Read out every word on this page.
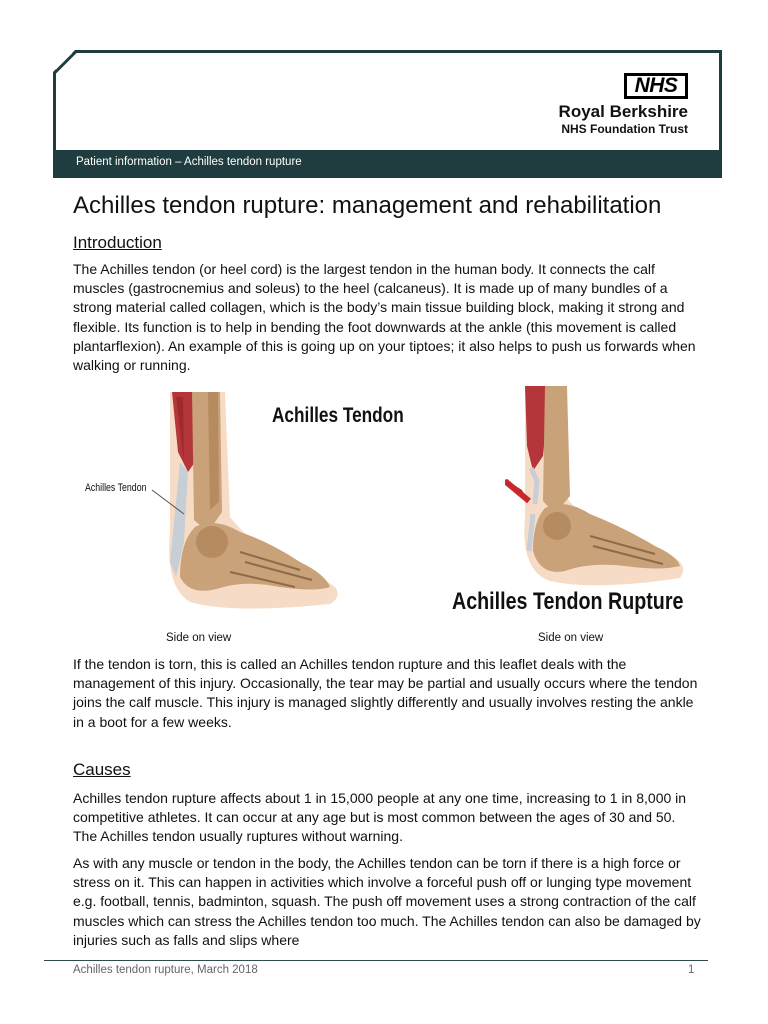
NHS
Royal Berkshire
NHS Foundation Trust
Patient information – Achilles tendon rupture
Achilles tendon rupture: management and rehabilitation
Introduction

The Achilles tendon (or heel cord) is the largest tendon in the human body. It connects the calf muscles (gastrocnemius and soleus) to the heel (calcaneus). It is made up of many bundles of a strong material called collagen, which is the body’s main tissue building block, making it strong and flexible. Its function is to help in bending the foot downwards at the ankle (this movement is called plantarflexion). An example of this is going up on your tiptoes; it also helps to push us forwards when walking or running.

Achilles Tendon
Achilles Tendon
Side on view
Achilles Tendon Rupture
Side on view

If the tendon is torn, this is called an Achilles tendon rupture and this leaflet deals with the management of this injury. Occasionally, the tear may be partial and usually occurs where the tendon joins the calf muscle. This injury is managed slightly differently and usually involves resting the ankle in a boot for a few weeks.

Causes

Achilles tendon rupture affects about 1 in 15,000 people at any one time, increasing to 1 in 8,000 in competitive athletes. It can occur at any age but is most common between the ages of 30 and 50. The Achilles tendon usually ruptures without warning.

As with any muscle or tendon in the body, the Achilles tendon can be torn if there is a high force or stress on it. This can happen in activities which involve a forceful push off or lunging type movement e.g. football, tennis, badminton, squash. The push off movement uses a strong contraction of the calf muscles which can stress the Achilles tendon too much. The Achilles tendon can also be damaged by injuries such as falls and slips where

Achilles tendon rupture, March 2018	1
